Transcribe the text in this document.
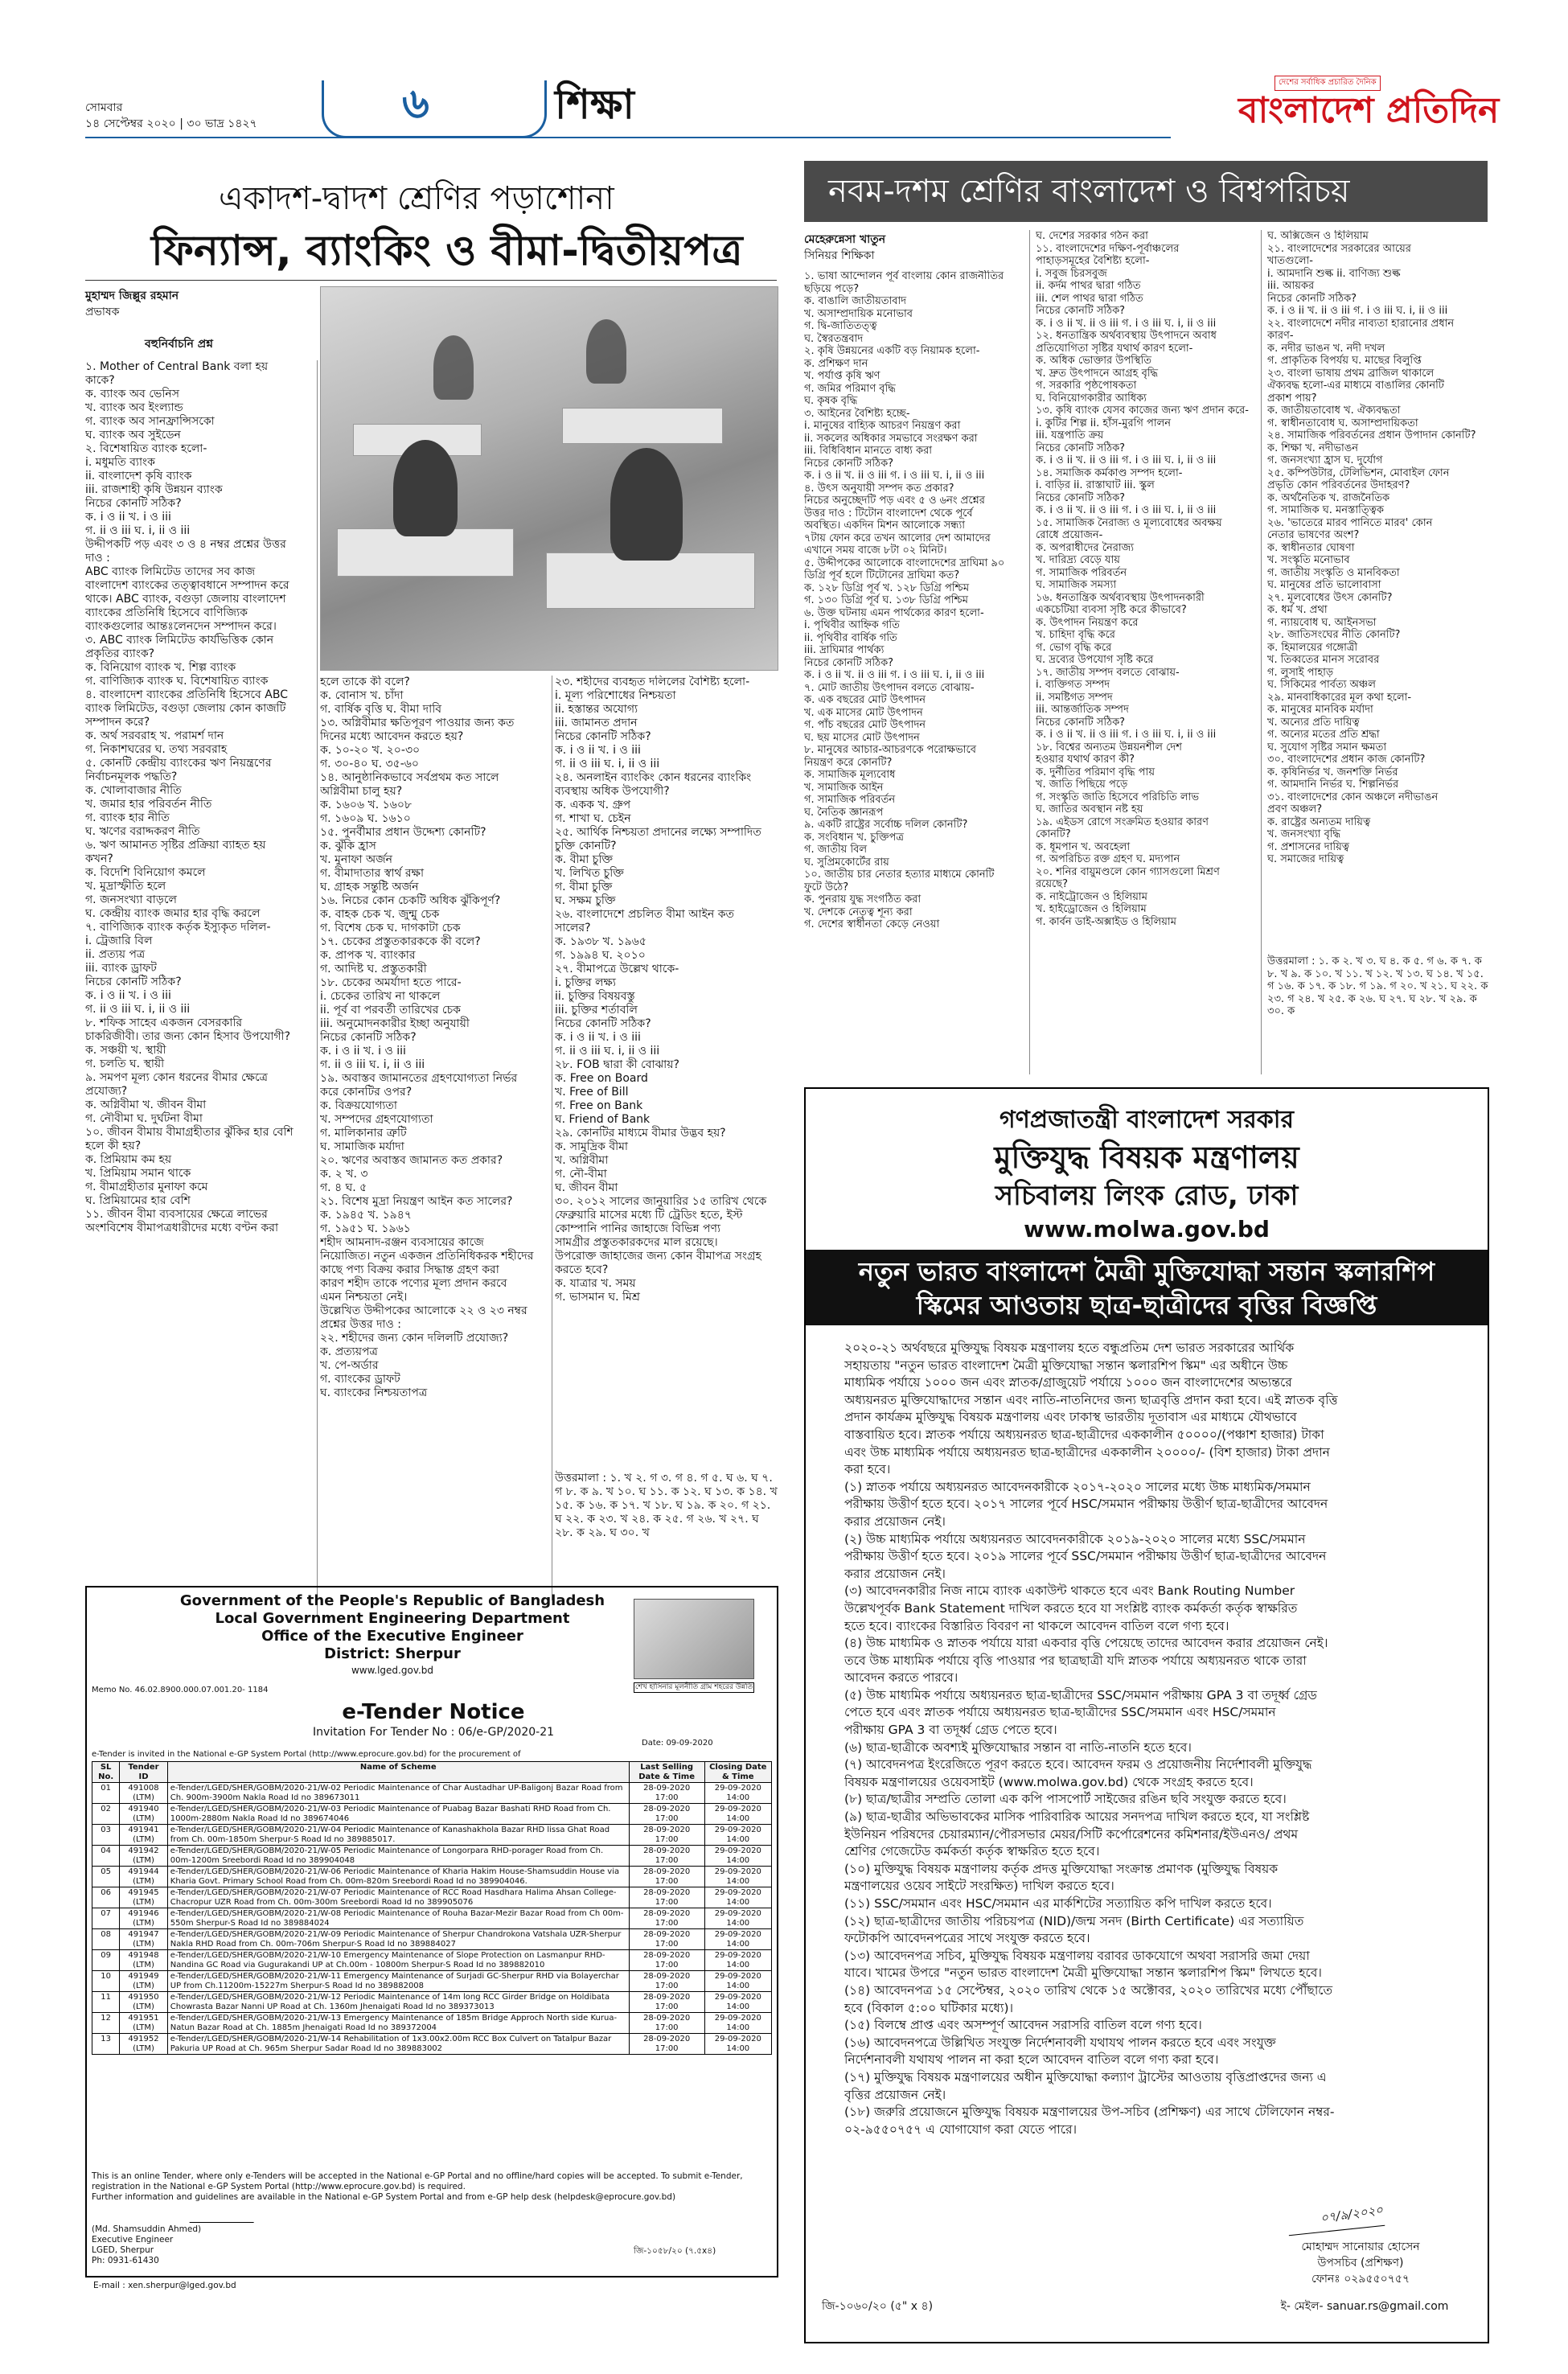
সোমবার
১৪ সেপ্টেম্বর ২০২০ | ৩০ ভাদ্র ১৪২৭	৬	শিক্ষা	দেশের সর্বাধিক প্রচারিত দৈনিক
বাংলাদেশ প্রতিদিন
একাদশ-দ্বাদশ শ্রেণির পড়াশোনা
ফিন্যান্স, ব্যাংকিং ও বীমা-দ্বিতীয়পত্র
মুহাম্মদ জিল্লুর রহমান
প্রভাষক
বহুনির্বাচনি প্রশ্ন
১. Mother of Central Bank বলা হয়
কাকে?
ক. ব্যাংক অব ভেনিস
খ. ব্যাংক অব ইংল্যান্ড
গ. ব্যাংক অব সানফ্রান্সিসকো
ঘ. ব্যাংক অব সুইডেন
২. বিশেষায়িত ব্যাংক হলো-
i. মধুমতি ব্যাংক
ii. বাংলাদেশ কৃষি ব্যাংক
iii. রাজশাহী কৃষি উন্নয়ন ব্যাংক
নিচের কোনটি সঠিক?
ক. i ও ii খ. i ও iii
গ. ii ও iii ঘ. i, ii ও iii
উদ্দীপকটি পড় এবং ৩ ও ৪ নম্বর প্রশ্নের উত্তর
দাও :
ABC ব্যাংক লিমিটেড তাদের সব কাজ
বাংলাদেশ ব্যাংকের তত্ত্বাবধানে সম্পাদন করে
থাকে। ABC ব্যাংক, বগুড়া জেলায় বাংলাদেশ
ব্যাংকের প্রতিনিধি হিসেবে বাণিজ্যিক
ব্যাংকগুলোর আন্তঃলেনদেন সম্পাদন করে।
৩. ABC ব্যাংক লিমিটেড কার্যভিত্তিক কোন
প্রকৃতির ব্যাংক?
ক. বিনিয়োগ ব্যাংক খ. শিল্প ব্যাংক
গ. বাণিজ্যিক ব্যাংক ঘ. বিশেষায়িত ব্যাংক
৪. বাংলাদেশ ব্যাংকের প্রতিনিধি হিসেবে ABC
ব্যাংক লিমিটেড, বগুড়া জেলায় কোন কাজটি
সম্পাদন করে?
ক. অর্থ সরবরাহ খ. পরামর্শ দান
গ. নিকাশঘরের ঘ. তথ্য সরবরাহ
৫. কোনটি কেন্দ্রীয় ব্যাংকের ঋণ নিয়ন্ত্রণের
নির্বাচনমূলক পদ্ধতি?
ক. খোলাবাজার নীতি
খ. জমার হার পরিবর্তন নীতি
গ. ব্যাংক হার নীতি
ঘ. ঋণের বরাদ্দকরণ নীতি
৬. ঋণ আমানত সৃষ্টির প্রক্রিয়া ব্যাহত হয়
কখন?
ক. বিদেশি বিনিয়োগ কমলে
খ. মুদ্রাস্ফীতি হলে
গ. জনসংখ্যা বাড়লে
ঘ. কেন্দ্রীয় ব্যাংক জমার হার বৃদ্ধি করলে
৭. বাণিজ্যিক ব্যাংক কর্তৃক ইস্যুকৃত দলিল-
i. ট্রেজারি বিল
ii. প্রত্যয় পত্র
iii. ব্যাংক ড্রাফট
নিচের কোনটি সঠিক?
ক. i ও ii খ. i ও iii
গ. ii ও iii ঘ. i, ii ও iii
৮. শফিক সাহেব একজন বেসরকারি
চাকরিজীবী। তার জন্য কোন হিসাব উপযোগী?
ক. সঞ্চয়ী খ. স্থায়ী
গ. চলতি ঘ. স্থায়ী
৯. সমপণ মূল্য কোন ধরনের বীমার ক্ষেত্রে
প্রযোজ্য?
ক. অগ্নিবীমা খ. জীবন বীমা
গ. নৌবীমা ঘ. দুর্ঘটনা বীমা
১০. জীবন বীমায় বীমাগ্রহীতার ঝুঁকির হার বেশি
হলে কী হয়?
ক. প্রিমিয়াম কম হয়
খ. প্রিমিয়াম সমান থাকে
গ. বীমাগ্রহীতার মুনাফা কমে
ঘ. প্রিমিয়ামের হার বেশি
১১. জীবন বীমা ব্যবসায়ের ক্ষেত্রে লাভের
অংশবিশেষ বীমাপত্রধারীদের মধ্যে বণ্টন করা
হলে তাকে কী বলে?
ক. বোনাস খ. চাঁদা
গ. বার্ষিক বৃত্তি ঘ. বীমা দাবি
১৩. অগ্নিবীমার ক্ষতিপূরণ পাওয়ার জন্য কত
দিনের মধ্যে আবেদন করতে হয়?
ক. ১০-২০ খ. ২০-৩০
গ. ৩০-৪০ ঘ. ৩৫-৬০
১৪. আনুষ্ঠানিকভাবে সর্বপ্রথম কত সালে
অগ্নিবীমা চালু হয়?
ক. ১৬০৬ খ. ১৬০৮
গ. ১৬০৯ ঘ. ১৬১০
১৫. পুনর্বীমার প্রধান উদ্দেশ্য কোনটি?
ক. ঝুঁকি হ্রাস
খ. মুনাফা অর্জন
গ. বীমাদাতার স্বার্থ রক্ষা
ঘ. গ্রাহক সন্তুষ্টি অর্জন
১৬. নিচের কোন চেকটি অধিক ঝুঁকিপূর্ণ?
ক. বাহক চেক খ. জুন্মু চেক
গ. বিশেষ চেক ঘ. দাগকাটা চেক
১৭. চেকের প্রস্তুতকারককে কী বলে?
ক. প্রাপক খ. ব্যাংকার
গ. আদিষ্ট ঘ. প্রস্তুতকারী
১৮. চেকের অমর্যাদা হতে পারে-
i. চেকের তারিখ না থাকলে
ii. পূর্ব বা পরবর্তী তারিখের চেক
iii. অনুমোদনকারীর ইচ্ছা অনুযায়ী
নিচের কোনটি সঠিক?
ক. i ও ii খ. i ও iii
গ. ii ও iii ঘ. i, ii ও iii
১৯. অবাস্তব জামানতের গ্রহণযোগ্যতা নির্ভর
করে কোনটির ওপর?
ক. বিক্রয়যোগ্যতা
খ. সম্পদের গ্রহণযোগ্যতা
গ. মালিকানার ত্রুটি
ঘ. সামাজিক মর্যাদা
২০. ঋণের অবাস্তব জামানত কত প্রকার?
ক. ২ খ. ৩
গ. ৪ ঘ. ৫
২১. বিশেষ মুদ্রা নিয়ন্ত্রণ আইন কত সালের?
ক. ১৯৪৫ খ. ১৯৪৭
গ. ১৯৫১ ঘ. ১৯৬১
শহীদ আমনাদ-রঞ্জন ব্যবসায়ের কাজে
নিয়োজিত। নতুন একজন প্রতিনিধিকরক শহীদের
কাছে পণ্য বিক্রয় করার সিদ্ধান্ত গ্রহণ করা
কারণ শহীদ তাকে পণ্যের মূল্য প্রদান করবে
এমন নিশ্চয়তা নেই।
উল্লেখিত উদ্দীপকের আলোকে ২২ ও ২৩ নম্বর
প্রশ্নের উত্তর দাও :
২২. শহীদের জন্য কোন দলিলটি প্রযোজ্য?
ক. প্রত্যয়পত্র
খ. পে-অর্ডার
গ. ব্যাংকের ড্রাফট
ঘ. ব্যাংকের নিশ্চয়তাপত্র
২৩. শহীদের ব্যবহৃত দলিলের বৈশিষ্ট্য হলো-
i. মূল্য পরিশোধের নিশ্চয়তা
ii. হস্তান্তর অযোগ্য
iii. জামানত প্রদান
নিচের কোনটি সঠিক?
ক. i ও ii খ. i ও iii
গ. ii ও iii ঘ. i, ii ও iii
২৪. অনলাইন ব্যাংকিং কোন ধরনের ব্যাংকিং
ব্যবস্থায় অধিক উপযোগী?
ক. একক খ. গ্রুপ
গ. শাখা ঘ. চেইন
২৫. আর্থিক নিশ্চয়তা প্রদানের লক্ষ্যে সম্পাদিত
চুক্তি কোনটি?
ক. বীমা চুক্তি
খ. লিখিত চুক্তি
গ. বীমা চুক্তি
ঘ. সক্ষম চুক্তি
২৬. বাংলাদেশে প্রচলিত বীমা আইন কত
সালের?
ক. ১৯৩৮ খ. ১৯৬৫
গ. ১৯৯৪ ঘ. ২০১০
২৭. বীমাপত্রে উল্লেখ থাকে-
i. চুক্তির লক্ষ্য
ii. চুক্তির বিষয়বস্তু
iii. চুক্তির শর্তাবলি
নিচের কোনটি সঠিক?
ক. i ও ii খ. i ও iii
গ. ii ও iii ঘ. i, ii ও iii
২৮. FOB দ্বারা কী বোঝায়?
ক. Free on Board
খ. Free of Bill
গ. Free on Bank
ঘ. Friend of Bank
২৯. কোনটির মাধ্যমে বীমার উদ্ভব হয়?
ক. সামুদ্রিক বীমা
খ. অগ্নিবীমা
গ. নৌ-বীমা
ঘ. জীবন বীমা
৩০. ২০১২ সালের জানুয়ারির ১৫ তারিখ থেকে
ফেব্রুয়ারি মাসের মধ্যে টি ট্রেডিং হতে, ইস্ট
কোম্পানি পানির জাহাজে বিভিন্ন পণ্য
সামগ্রীর প্রস্তুতকারকদের মাল রয়েছে।
উপরোক্ত জাহাজের জন্য কোন বীমাপত্র সংগ্রহ
করতে হবে?
ক. যাত্রার খ. সময়
গ. ভাসমান ঘ. মিশ্র
উত্তরমালা : ১. খ ২. গ ৩. গ ৪. গ ৫. ঘ ৬. ঘ ৭. গ ৮. ক ৯. খ ১০. ঘ ১১. ক ১২. ঘ ১৩. ক ১৪. খ ১৫. ক ১৬. ক ১৭. খ ১৮. ঘ ১৯. ক ২০. গ ২১. ঘ ২২. ক ২৩. খ ২৪. ক ২৫. গ ২৬. খ ২৭. ঘ ২৮. ক ২৯. ঘ ৩০. খ
নবম-দশম শ্রেণির বাংলাদেশ ও বিশ্বপরিচয়
মেহেরুন্নেসা খাতুন
সিনিয়র শিক্ষিকা
১. ভাষা আন্দোলন পূর্ব বাংলায় কোন রাজনীতির
ছড়িয়ে পড়ে?
ক. বাঙালি জাতীয়তাবাদ
খ. অসাম্প্রদায়িক মনোভাব
গ. দ্বি-জাতিতত্ত্ব
ঘ. স্বৈরতন্ত্রবাদ
২. কৃষি উন্নয়নের একটি বড় নিয়ামক হলো-
ক. প্রশিক্ষণ দান
খ. পর্যাপ্ত কৃষি ঋণ
গ. জমির পরিমাণ বৃদ্ধি
ঘ. কৃষক বৃদ্ধি
৩. আইনের বৈশিষ্ট্য হচ্ছে-
i. মানুষের বাহ্যিক আচরণ নিয়ন্ত্রণ করা
ii. সকলের অধিকার সমভাবে সংরক্ষণ করা
iii. বিধিবিধান মানতে বাধ্য করা
নিচের কোনটি সঠিক?
ক. i ও ii খ. ii ও iii গ. i ও iii ঘ. i, ii ও iii
৪. উৎস অনুযায়ী সম্পদ কত প্রকার?
নিচের অনুচ্ছেদটি পড় এবং ৫ ও ৬নং প্রশ্নের
উত্তর দাও : টিটোন বাংলাদেশ থেকে পূর্বে
অবস্থিত। একদিন মিশন আলোকে সন্ধ্যা
৭টায় ফোন করে তখন আলোর দেশ আমাদের
এখানে সময় বাজে ৮টা ০২ মিনিট।
৫. উদ্দীপকের আলোকে বাংলাদেশের দ্রাঘিমা ৯০
ডিগ্রি পূর্ব হলে টিটোনের দ্রাঘিমা কত?
ক. ১২৮ ডিগ্রি পূর্ব খ. ১২৮ ডিগ্রি পশ্চিম
গ. ১৩০ ডিগ্রি পূর্ব ঘ. ১৩৮ ডিগ্রি পশ্চিম
৬. উক্ত ঘটনায় এমন পার্থক্যের কারণ হলো-
i. পৃথিবীর আহ্নিক গতি
ii. পৃথিবীর বার্ষিক গতি
iii. দ্রাঘিমার পার্থক্য
নিচের কোনটি সঠিক?
ক. i ও ii খ. ii ও iii গ. i ও iii ঘ. i, ii ও iii
৭. মোট জাতীয় উৎপাদন বলতে বোঝায়-
ক. এক বছরের মোট উৎপাদন
খ. এক মাসের মোট উৎপাদন
গ. পাঁচ বছরের মোট উৎপাদন
ঘ. ছয় মাসের মোট উৎপাদন
৮. মানুষের আচার-আচরণকে পরোক্ষভাবে
নিয়ন্ত্রণ করে কোনটি?
ক. সামাজিক মূল্যবোধ
খ. সামাজিক আইন
গ. সামাজিক পরিবর্তন
ঘ. নৈতিক জ্ঞানরূপ
৯. একটি রাষ্ট্রের সর্বোচ্চ দলিল কোনটি?
ক. সংবিধান খ. চুক্তিপত্র
গ. জাতীয় বিল
ঘ. সুপ্রিমকোর্টের রায়
১০. জাতীয় চার নেতার হত্যার মাধ্যমে কোনটি
ফুটে উঠে?
ক. পুনরায় যুদ্ধ সংগঠিত করা
খ. দেশকে নেতৃত্ব শূন্য করা
গ. দেশের স্বাধীনতা কেড়ে নেওয়া
ঘ. দেশের সরকার গঠন করা
১১. বাংলাদেশের দক্ষিণ-পূর্বাঞ্চলের
পাহাড়সমূহের বৈশিষ্ট্য হলো-
i. সবুজ চিরসবুজ
ii. কর্দম পাথর দ্বারা গঠিত
iii. শেল পাথর দ্বারা গঠিত
নিচের কোনটি সঠিক?
ক. i ও ii খ. ii ও iii গ. i ও iii ঘ. i, ii ও iii
১২. ধনতান্ত্রিক অর্থব্যবস্থায় উৎপাদনে অবাধ
প্রতিযোগিতা সৃষ্টির যথার্থ কারণ হলো-
ক. অধিক ভোক্তার উপস্থিতি
খ. দ্রুত উৎপাদনে আগ্রহ বৃদ্ধি
গ. সরকারি পৃষ্ঠপোষকতা
ঘ. বিনিয়োগকারীর আধিক্য
১৩. কৃষি ব্যাংক যেসব কাজের জন্য ঋণ প্রদান করে-
i. কুটির শিল্প ii. হাঁস-মুরগি পালন
iii. যন্ত্রপাতি ক্রয়
নিচের কোনটি সঠিক?
ক. i ও ii খ. ii ও iii গ. i ও iii ঘ. i, ii ও iii
১৪. সমাজিক কর্মকাণ্ড সম্পদ হলো-
i. বাড়ির ii. রাস্তাঘাট iii. স্কুল
নিচের কোনটি সঠিক?
ক. i ও ii খ. ii ও iii গ. i ও iii ঘ. i, ii ও iii
১৫. সামাজিক নৈরাজ্য ও মূল্যবোধের অবক্ষয়
রোধে প্রয়োজন-
ক. অপরাধীদের নৈরাজ্য
খ. দারিদ্র্য বেড়ে যায়
গ. সামাজিক পরিবর্তন
ঘ. সামাজিক সমস্যা
১৬. ধনতান্ত্রিক অর্থব্যবস্থায় উৎপাদনকারী
একচেটিয়া ব্যবসা সৃষ্টি করে কীভাবে?
ক. উৎপাদন নিয়ন্ত্রণ করে
খ. চাহিদা বৃদ্ধি করে
গ. ভোগ বৃদ্ধি করে
ঘ. দ্রব্যের উপযোগ সৃষ্টি করে
১৭. জাতীয় সম্পদ বলতে বোঝায়-
i. ব্যক্তিগত সম্পদ
ii. সমষ্টিগত সম্পদ
iii. আন্তর্জাতিক সম্পদ
নিচের কোনটি সঠিক?
ক. i ও ii খ. ii ও iii গ. i ও iii ঘ. i, ii ও iii
১৮. বিশ্বের অন্যতম উন্নয়নশীল দেশ
হওয়ার যথার্থ কারণ কী?
ক. দুর্নীতির পরিমাণ বৃদ্ধি পায়
খ. জাতি পিছিয়ে পড়ে
গ. সংস্কৃতি জাতি হিসেবে পরিচিতি লাভ
ঘ. জাতির অবস্থান নষ্ট হয়
১৯. এইডস রোগে সংক্রমিত হওয়ার কারণ
কোনটি?
ক. ধূমপান খ. অবহেলা
গ. অপরিচিত রক্ত গ্রহণ ঘ. মদ্যপান
২০. শনির বায়ুমণ্ডলে কোন গ্যাসগুলো মিশ্রণ
রয়েছে?
ক. নাইট্রোজেন ও হিলিয়াম
খ. হাইড্রোজেন ও হিলিয়াম
গ. কার্বন ডাই-অক্সাইড ও হিলিয়াম
ঘ. অক্সিজেন ও হিলিয়াম
২১. বাংলাদেশের সরকারের আয়ের
খাতগুলো-
i. আমদানি শুল্ক ii. বাণিজ্য শুল্ক
iii. আয়কর
নিচের কোনটি সঠিক?
ক. i ও ii খ. ii ও iii গ. i ও iii ঘ. i, ii ও iii
২২. বাংলাদেশে নদীর নাব্যতা হারানোর প্রধান
কারণ-
ক. নদীর ভাঙন খ. নদী দখল
গ. প্রাকৃতিক বিপর্যয় ঘ. মাছের বিলুপ্তি
২৩. বাংলা ভাষায় প্রথম ব্রাজিল থাকালে
ঐক্যবদ্ধ হলো-এর মাধ্যমে বাঙালির কোনটি
প্রকাশ পায়?
ক. জাতীয়তাবোধ খ. ঐক্যবদ্ধতা
গ. স্বাধীনতাবোধ ঘ. অসাম্প্রদায়িকতা
২৪. সামাজিক পরিবর্তনের প্রধান উপাদান কোনটি?
ক. শিক্ষা খ. নদীভাঙন
গ. জনসংখ্যা হ্রাস ঘ. দুর্যোগ
২৫. কম্পিউটার, টেলিভিশন, মোবাইল ফোন
প্রভৃতি কোন পরিবর্তনের উদাহরণ?
ক. অর্থনৈতিক খ. রাজনৈতিক
গ. সামাজিক ঘ. মনস্তাত্ত্বিক
২৬. 'ভাতেরে মারব পানিতে মারব' কোন
নেতার ভাষণের অংশ?
ক. স্বাধীনতার ঘোষণা
খ. সংস্কৃতি মনোভাব
গ. জাতীয় সংস্কৃতি ও মানবিকতা
ঘ. মানুষের প্রতি ভালোবাসা
২৭. মূলবোধের উৎস কোনটি?
ক. ধর্ম খ. প্রথা
গ. ন্যায়বোধ ঘ. আইনসভা
২৮. জাতিসংঘের নীতি কোনটি?
ক. হিমালয়ের গঙ্গোত্রী
খ. তিব্বতের মানস সরোবর
গ. লুসাই পাহাড়
ঘ. সিকিমের পার্বত্য অঞ্চল
২৯. মানবাধিকারের মূল কথা হলো-
ক. মানুষের মানবিক মর্যাদা
খ. অন্যের প্রতি দায়িত্ব
গ. অন্যের মতের প্রতি শ্রদ্ধা
ঘ. সুযোগ সৃষ্টির সমান ক্ষমতা
৩০. বাংলাদেশের প্রধান কাজ কোনটি?
ক. কৃষিনির্ভর খ. জনশক্তি নির্ভর
গ. আমদানি নির্ভর ঘ. শিল্পনির্ভর
৩১. বাংলাদেশের কোন অঞ্চলে নদীভাঙন
প্রবণ অঞ্চল?
ক. রাষ্ট্রের অন্যতম দায়িত্ব
খ. জনসংখ্যা বৃদ্ধি
গ. প্রশাসনের দায়িত্ব
ঘ. সমাজের দায়িত্ব
উত্তরমালা : ১. ক ২. খ ৩. ঘ ৪. ক ৫. গ ৬. ক ৭. ক ৮. খ ৯. ক ১০. খ ১১. খ ১২. খ ১৩. ঘ ১৪. খ ১৫. গ ১৬. ক ১৭. ক ১৮. গ ১৯. গ ২০. খ ২১. ঘ ২২. ক ২৩. গ ২৪. খ ২৫. ক ২৬. ঘ ২৭. ঘ ২৮. খ ২৯. ক ৩০. ক
Government of the People's Republic of Bangladesh
Local Government Engineering Department
Office of the Executive Engineer
District: Sherpur
www.lged.gov.bd
শেখ হাসিনার মূলনীতি গ্রাম শহরের উন্নতি
Memo No. 46.02.8900.000.07.001.20- 1184
e-Tender Notice
Invitation For Tender No : 06/e-GP/2020-21
Date: 09-09-2020
e-Tender is invited in the National e-GP System Portal (http://www.eprocure.gov.bd) for the procurement of
SL No.	Tender ID	Name of Scheme	Last Selling Date & Time	Closing Date & Time
01	491008 (LTM)	e-Tender/LGED/SHER/GOBM/2020-21/W-02 Periodic Maintenance of Char Austadhar UP-Baligonj Bazar Road from Ch. 900m-3900m Nakla Road Id no 389673011	28-09-2020 17:00	29-09-2020 14:00
02	491940 (LTM)	e-Tender/LGED/SHER/GOBM/2020-21/W-03 Periodic Maintenance of Puabag Bazar Bashati RHD Road from Ch. 1000m-2880m Nakla Road Id no 389674046	28-09-2020 17:00	29-09-2020 14:00
03	491941 (LTM)	e-Tender/LGED/SHER/GOBM/2020-21/W-04 Periodic Maintenance of Kanashakhola Bazar RHD lissa Ghat Road from Ch. 00m-1850m Sherpur-S Road Id no 389885017.	28-09-2020 17:00	29-09-2020 14:00
04	491942 (LTM)	e-Tender/LGED/SHER/GOBM/2020-21/W-05 Periodic Maintenance of Longorpara RHD-porager Road from Ch. 00m-1200m Sreebordi Road Id no 389904048	28-09-2020 17:00	29-09-2020 14:00
05	491944 (LTM)	e-Tender/LGED/SHER/GOBM/2020-21/W-06 Periodic Maintenance of Kharia Hakim House-Shamsuddin House via Kharia Govt. Primary School Road from Ch. 00m-820m Sreebordi Road Id no 389904046.	28-09-2020 17:00	29-09-2020 14:00
06	491945 (LTM)	e-Tender/LGED/SHER/GOBM/2020-21/W-07 Periodic Maintenance of RCC Road Hasdhara Halima Ahsan College-Chacropur UZR Road from Ch. 00m-300m Sreebordi Road Id no 389905076	28-09-2020 17:00	29-09-2020 14:00
07	491946 (LTM)	e-Tender/LGED/SHER/GOBM/2020-21/W-08 Periodic Maintenance of Rouha Bazar-Mezir Bazar Road from Ch 00m-550m Sherpur-S Road Id no 389884024	28-09-2020 17:00	29-09-2020 14:00
08	491947 (LTM)	e-Tender/LGED/SHER/GOBM/2020-21/W-09 Periodic Maintenance of Sherpur Chandrokona Vatshala UZR-Sherpur Nakla RHD Road from Ch. 00m-706m Sherpur-S Road Id no 389884027	28-09-2020 17:00	29-09-2020 14:00
09	491948 (LTM)	e-Tender/LGED/SHER/GOBM/2020-21/W-10 Emergency Maintenance of Slope Protection on Lasmanpur RHD-Nandina GC Road via Gugurakandi UP at Ch.00m - 10800m Sherpur-S Road Id no 389882010	28-09-2020 17:00	29-09-2020 14:00
10	491949 (LTM)	e-Tender/LGED/SHER/GOBM/2020-21/W-11 Emergency Maintenance of Surjadi GC-Sherpur RHD via Bolayerchar UP from Ch.11200m-15227m Sherpur-S Road Id no 389882008	28-09-2020 17:00	29-09-2020 14:00
11	491950 (LTM)	e-Tender/LGED/SHER/GOBM/2020-21/W-12 Periodic Maintenance of 14m long RCC Girder Bridge on Holdibata Chowrasta Bazar Nanni UP Road at Ch. 1360m Jhenaigati Road Id no 389373013	28-09-2020 17:00	29-09-2020 14:00
12	491951 (LTM)	e-Tender/LGED/SHER/GOBM/2020-21/W-13 Emergency Maintenance of 185m Bridge Approch North side Kurua-Natun Bazar Road at Ch. 1885m Jhenaigati Road Id no 389372004	28-09-2020 17:00	29-09-2020 14:00
13	491952 (LTM)	e-Tender/LGED/SHER/GOBM/2020-21/W-14 Rehabilitation of 1x3.00x2.00m RCC Box Culvert on Tatalpur Bazar Pakuria UP Road at Ch. 965m Sherpur Sadar Road Id no 389883002	28-09-2020 17:00	29-09-2020 14:00
This is an online Tender, where only e-Tenders will be accepted in the National e-GP Portal and no offline/hard copies will be accepted. To submit e-Tender, registration in the National e-GP System Portal (http://www.eprocure.gov.bd) is required.
Further information and guidelines are available in the National e-GP System Portal and from e-GP help desk (helpdesk@eprocure.gov.bd)
(Md. Shamsuddin Ahmed)
Executive Engineer
LGED, Sherpur
Ph: 0931-61430
জি-১০৫৮/২০ (৭.৫x৪)
E-mail : xen.sherpur@lged.gov.bd
গণপ্রজাতন্ত্রী বাংলাদেশ সরকার
মুক্তিযুদ্ধ বিষয়ক মন্ত্রণালয়
সচিবালয় লিংক রোড, ঢাকা
www.molwa.gov.bd
নতুন ভারত বাংলাদেশ মৈত্রী মুক্তিযোদ্ধা সন্তান স্কলারশিপ
স্কিমের আওতায় ছাত্র-ছাত্রীদের বৃত্তির বিজ্ঞপ্তি
২০২০-২১ অর্থবছরে মুক্তিযুদ্ধ বিষয়ক মন্ত্রণালয় হতে বন্ধুপ্রতিম দেশ ভারত সরকারের আর্থিক
সহায়তায় "নতুন ভারত বাংলাদেশ মৈত্রী মুক্তিযোদ্ধা সন্তান স্কলারশিপ স্কিম" এর অধীনে উচ্চ
মাধ্যমিক পর্যায়ে ১০০০ জন এবং স্নাতক/গ্রাজুয়েট পর্যায়ে ১০০০ জন বাংলাদেশের অভ্যন্তরে
অধ্যয়নরত মুক্তিযোদ্ধাদের সন্তান এবং নাতি-নাতনিদের জন্য ছাত্রবৃত্তি প্রদান করা হবে। এই স্নাতক বৃত্তি
প্রদান কার্যক্রম মুক্তিযুদ্ধ বিষয়ক মন্ত্রণালয় এবং ঢাকাস্থ ভারতীয় দূতাবাস এর মাধ্যমে যৌথভাবে
বাস্তবায়িত হবে। স্নাতক পর্যায়ে অধ্যয়নরত ছাত্র-ছাত্রীদের এককালীন ৫০০০০/(পঞ্চাশ হাজার) টাকা
এবং উচ্চ মাধ্যমিক পর্যায়ে অধ্যয়নরত ছাত্র-ছাত্রীদের এককালীন ২০০০০/- (বিশ হাজার) টাকা প্রদান
করা হবে।
(১) স্নাতক পর্যায়ে অধ্যয়নরত আবেদনকারীকে ২০১৭-২০২০ সালের মধ্যে উচ্চ মাধ্যমিক/সমমান
পরীক্ষায় উত্তীর্ণ হতে হবে। ২০১৭ সালের পূর্বে HSC/সমমান পরীক্ষায় উত্তীর্ণ ছাত্র-ছাত্রীদের আবেদন
করার প্রয়োজন নেই।
(২) উচ্চ মাধ্যমিক পর্যায়ে অধ্যয়নরত আবেদনকারীকে ২০১৯-২০২০ সালের মধ্যে SSC/সমমান
পরীক্ষায় উত্তীর্ণ হতে হবে। ২০১৯ সালের পূর্বে SSC/সমমান পরীক্ষায় উত্তীর্ণ ছাত্র-ছাত্রীদের আবেদন
করার প্রয়োজন নেই।
(৩) আবেদনকারীর নিজ নামে ব্যাংক একাউন্ট থাকতে হবে এবং Bank Routing Number
উল্লেখপূর্বক Bank Statement দাখিল করতে হবে যা সংশ্লিষ্ট ব্যাংক কর্মকর্তা কর্তৃক স্বাক্ষরিত
হতে হবে। ব্যাংকের বিস্তারিত বিবরণ না থাকলে আবেদন বাতিল বলে গণ্য হবে।
(৪) উচ্চ মাধ্যমিক ও স্নাতক পর্যায়ে যারা একবার বৃত্তি পেয়েছে তাদের আবেদন করার প্রয়োজন নেই।
তবে উচ্চ মাধ্যমিক পর্যায়ে বৃত্তি পাওয়ার পর ছাত্রছাত্রী যদি স্নাতক পর্যায়ে অধ্যয়নরত থাকে তারা
আবেদন করতে পারবে।
(৫) উচ্চ মাধ্যমিক পর্যায়ে অধ্যয়নরত ছাত্র-ছাত্রীদের SSC/সমমান পরীক্ষায় GPA 3 বা তদূর্ধ্ব গ্রেড
পেতে হবে এবং স্নাতক পর্যায়ে অধ্যয়নরত ছাত্র-ছাত্রীদের SSC/সমমান এবং HSC/সমমান
পরীক্ষায় GPA 3 বা তদূর্ধ্ব গ্রেড পেতে হবে।
(৬) ছাত্র-ছাত্রীকে অবশ্যই মুক্তিযোদ্ধার সন্তান বা নাতি-নাতনি হতে হবে।
(৭) আবেদনপত্র ইংরেজিতে পূরণ করতে হবে। আবেদন ফরম ও প্রয়োজনীয় নির্দেশাবলী মুক্তিযুদ্ধ
বিষয়ক মন্ত্রণালয়ের ওয়েবসাইট (www.molwa.gov.bd) থেকে সংগ্রহ করতে হবে।
(৮) ছাত্র/ছাত্রীর সম্প্রতি তোলা এক কপি পাসপোর্ট সাইজের রঙিন ছবি সংযুক্ত করতে হবে।
(৯) ছাত্র-ছাত্রীর অভিভাবকের মাসিক পারিবারিক আয়ের সনদপত্র দাখিল করতে হবে, যা সংশ্লিষ্ট
ইউনিয়ন পরিষদের চেয়ারম্যান/পৌরসভার মেয়র/সিটি কর্পোরেশনের কমিশনার/ইউএনও/ প্রথম
শ্রেণির গেজেটেড কর্মকর্তা কর্তৃক স্বাক্ষরিত হতে হবে।
(১০) মুক্তিযুদ্ধ বিষয়ক মন্ত্রণালয় কর্তৃক প্রদত্ত মুক্তিযোদ্ধা সংক্রান্ত প্রমাণক (মুক্তিযুদ্ধ বিষয়ক
মন্ত্রণালয়ের ওয়েব সাইটে সংরক্ষিত) দাখিল করতে হবে।
(১১) SSC/সমমান এবং HSC/সমমান এর মার্কশিটের সত্যায়িত কপি দাখিল করতে হবে।
(১২) ছাত্র-ছাত্রীদের জাতীয় পরিচয়পত্র (NID)/জন্ম সনদ (Birth Certificate) এর সত্যায়িত
ফটোকপি আবেদনপত্রের সাথে সংযুক্ত করতে হবে।
(১৩) আবেদনপত্র সচিব, মুক্তিযুদ্ধ বিষয়ক মন্ত্রণালয় বরাবর ডাকযোগে অথবা সরাসরি জমা দেয়া
যাবে। খামের উপরে "নতুন ভারত বাংলাদেশ মৈত্রী মুক্তিযোদ্ধা সন্তান স্কলারশিপ স্কিম" লিখতে হবে।
(১৪) আবেদনপত্র ১৫ সেপ্টেম্বর, ২০২০ তারিখ থেকে ১৫ অক্টোবর, ২০২০ তারিখের মধ্যে পৌঁছাতে
হবে (বিকাল ৫:০০ ঘটিকার মধ্যে)।
(১৫) বিলম্বে প্রাপ্ত এবং অসম্পূর্ণ আবেদন সরাসরি বাতিল বলে গণ্য হবে।
(১৬) আবেদনপত্রে উল্লিখিত সংযুক্ত নির্দেশনাবলী যথাযথ পালন করতে হবে এবং সংযুক্ত
নির্দেশনাবলী যথাযথ পালন না করা হলে আবেদন বাতিল বলে গণ্য করা হবে।
(১৭) মুক্তিযুদ্ধ বিষয়ক মন্ত্রণালয়ের অধীন মুক্তিযোদ্ধা কল্যাণ ট্রাস্টের আওতায় বৃত্তিপ্রাপ্তদের জন্য এ
বৃত্তির প্রয়োজন নেই।
(১৮) জরুরি প্রয়োজনে মুক্তিযুদ্ধ বিষয়ক মন্ত্রণালয়ের উপ-সচিব (প্রশিক্ষণ) এর সাথে টেলিফোন নম্বর-
০২-৯৫৫০৭৫৭ এ যোগাযোগ করা যেতে পারে।
০৭/৯/২০২০
মোহাম্মদ সানোয়ার হোসেন
উপসচিব (প্রশিক্ষণ)
ফোনঃ ০২৯৫৫০৭৫৭
জি-১০৬০/২০ (৫" x ৪)	ই- মেইল- sanuar.rs@gmail.com
